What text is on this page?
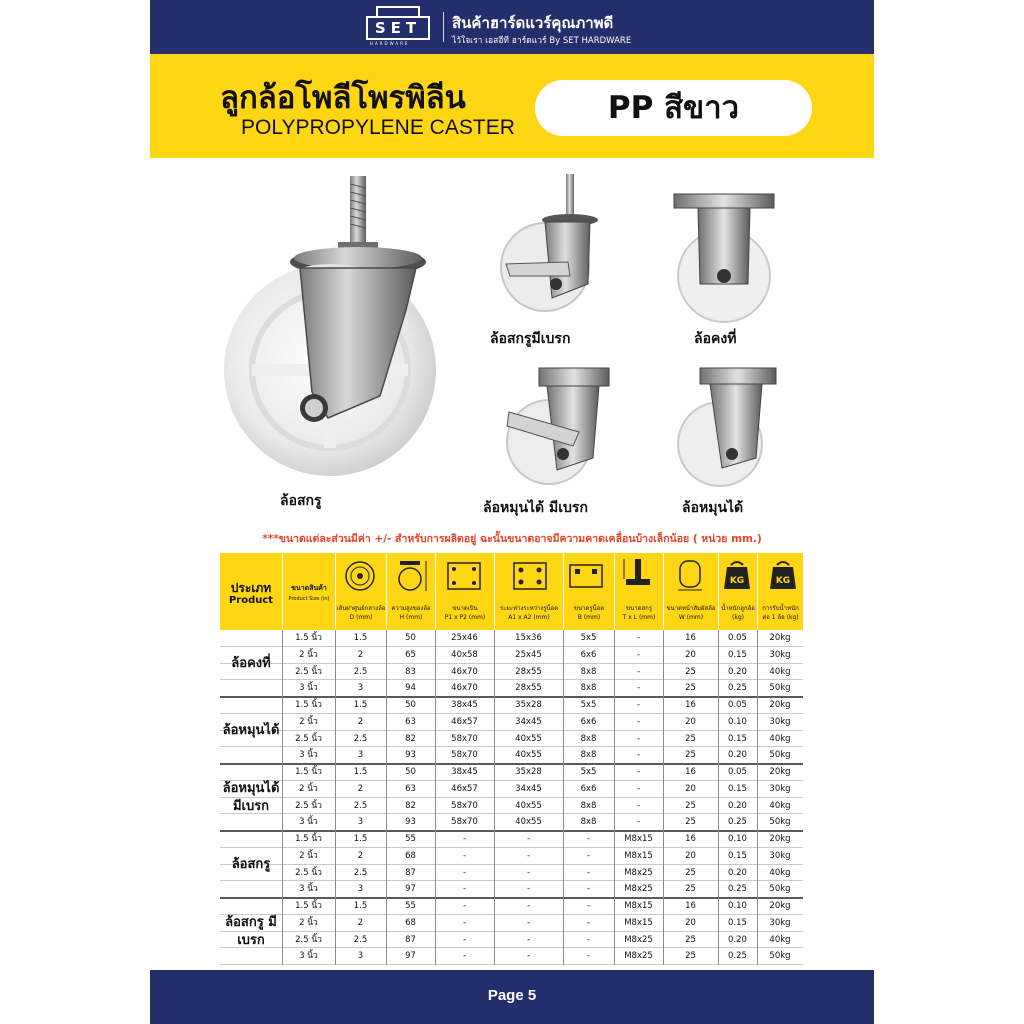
SET
HARDWARE
สินค้าฮาร์ดแวร์คุณภาพดี
ไว้ใจเรา เอสอีที ฮาร์ดแวร์ By SET HARDWARE
ลูกล้อโพลีโพรพิลีน
POLYPROPYLENE CASTER
PP สีขาว
ล้อสกรู
ล้อสกรูมีเบรก	ล้อคงที่
ล้อหมุนได้ มีเบรก	ล้อหมุนได้
***ขนาดแต่ละส่วนมีค่า +/- สำหรับการผลิตอยู่ ฉะนั้นขนาดอาจมีความคาดเคลื่อนบ้างเล็กน้อย ( หน่วย mm.)
ประเภท
Product
ขนาดสินค้า
Product Size (in)
KG	KG
เส้นผ่าศูนย์กลางล้อ
D (mm)
ความสูงของล้อ
H (mm)
ขนาดเปิน
P1 x P2 (mm)
ระยะห่างระหว่างรูน็อต
A1 x A2 (mm)
ขนาดรูน็อต
B (mm)
ขนาดสกรู
T x L (mm)
ขนาดหน้าสัมผัสล้อ
W (mm)
น้ำหนักลูกล้อ
(kg)
การรับน้ำหนัก
ต่อ 1 ล้อ (kg)
1.5 นิ้ว	1.5	50	25x46	15x36	5x5	-	16	0.05	20kg
2 นิ้ว	2	65	40x58	25x45	6x6	-	20	0.15	30kg
2.5 นิ้ว	2.5	83	46x70	28x55	8x8	-	25	0.20	40kg
3 นิ้ว	3	94	46x70	28x55	8x8	-	25	0.25	50kg
ล้อคงที่
1.5 นิ้ว	1.5	50	38x45	35x28	5x5	-	16	0.05	20kg
2 นิ้ว	2	63	46x57	34x45	6x6	-	20	0.10	30kg
2.5 นิ้ว	2.5	82	58x70	40x55	8x8	-	25	0.15	40kg
3 นิ้ว	3	93	58x70	40x55	8x8	-	25	0.20	50kg
ล้อหมุนได้
1.5 นิ้ว	1.5	50	38x45	35x28	5x5	-	16	0.05	20kg
2 นิ้ว	2	63	46x57	34x45	6x6	-	20	0.15	30kg
2.5 นิ้ว	2.5	82	58x70	40x55	8x8	-	25	0.20	40kg
3 นิ้ว	3	93	58x70	40x55	8x8	-	25	0.25	50kg
ล้อหมุนได้ มีเบรก
1.5 นิ้ว	1.5	55	-	-	-	M8x15	16	0.10	20kg
2 นิ้ว	2	68	-	-	-	M8x15	20	0.15	30kg
2.5 นิ้ว	2.5	87	-	-	-	M8x25	25	0.20	40kg
3 นิ้ว	3	97	-	-	-	M8x25	25	0.25	50kg
ล้อสกรู
1.5 นิ้ว	1.5	55	-	-	-	M8x15	16	0.10	20kg
2 นิ้ว	2	68	-	-	-	M8x15	20	0.15	30kg
2.5 นิ้ว	2.5	87	-	-	-	M8x25	25	0.20	40kg
3 นิ้ว	3	97	-	-	-	M8x25	25	0.25	50kg
ล้อสกรู มีเบรก
Page 5
